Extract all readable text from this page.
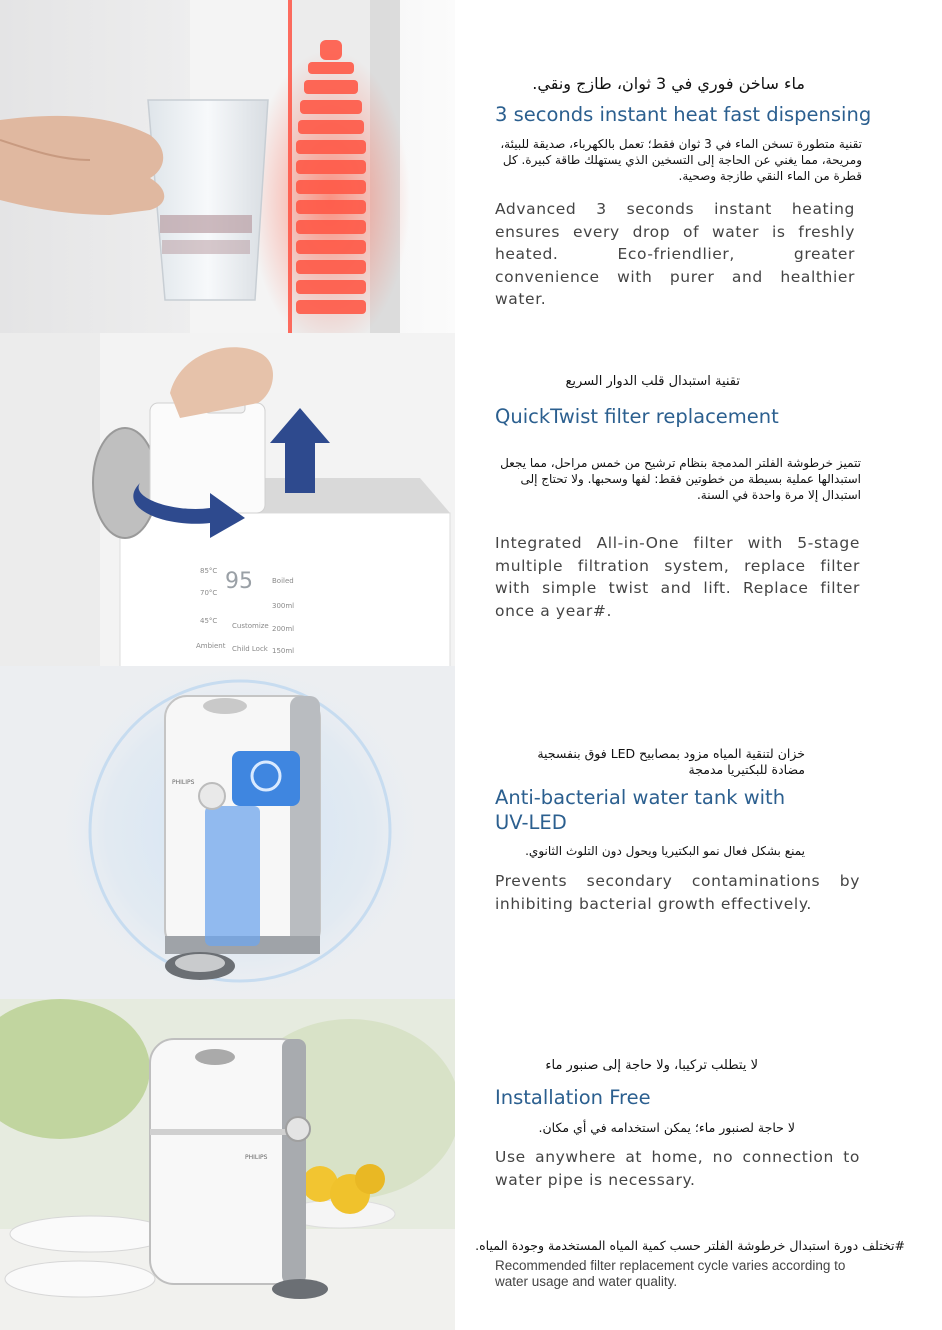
95
85°C
70°C
45°C
Ambient
Customize
Child Lock
Boiled
300ml
200ml
150ml
PHILIPS
PHILIPS

ماء ساخن فوري في 3 ثوان، طازج ونقي.

3 seconds instant heat fast dispensing

تقنية متطورة تسخن الماء في 3 ثوان فقط؛ تعمل بالكهرباء، صديقة للبيئة، ومريحة، مما يغني عن الحاجة إلى التسخين الذي يستهلك طاقة كبيرة. كل قطرة من الماء النقي طازجة وصحية.

Advanced 3 seconds instant heating ensures every drop of water is freshly heated. Eco-friendlier, greater convenience with purer and healthier water.

تقنية استبدال قلب الدوار السريع

QuickTwist filter replacement

تتميز خرطوشة الفلتر المدمجة بنظام ترشيح من خمس مراحل، مما يجعل استبدالها عملية بسيطة من خطوتين فقط: لفها وسحبها. ولا تحتاج إلى استبدال إلا مرة واحدة في السنة.

Integrated All-in-One filter with 5-stage multiple filtration system, replace filter with simple twist and lift. Replace filter once a year#.

خزان لتنقية المياه مزود بمصابيح LED فوق بنفسجية مضادة للبكتيريا مدمجة

Anti-bacterial water tank with
UV-LED

يمنع بشكل فعال نمو البكتيريا ويحول دون التلوث الثانوي.

Prevents secondary contaminations by inhibiting bacterial growth effectively.

لا يتطلب تركيبا، ولا حاجة إلى صنبور ماء

Installation Free

لا حاجة لصنبور ماء؛ يمكن استخدامه في أي مكان.

Use anywhere at home, no connection to water pipe is necessary.

#تختلف دورة استبدال خرطوشة الفلتر حسب كمية المياه المستخدمة وجودة المياه.

Recommended filter replacement cycle varies according to water usage and water quality.
